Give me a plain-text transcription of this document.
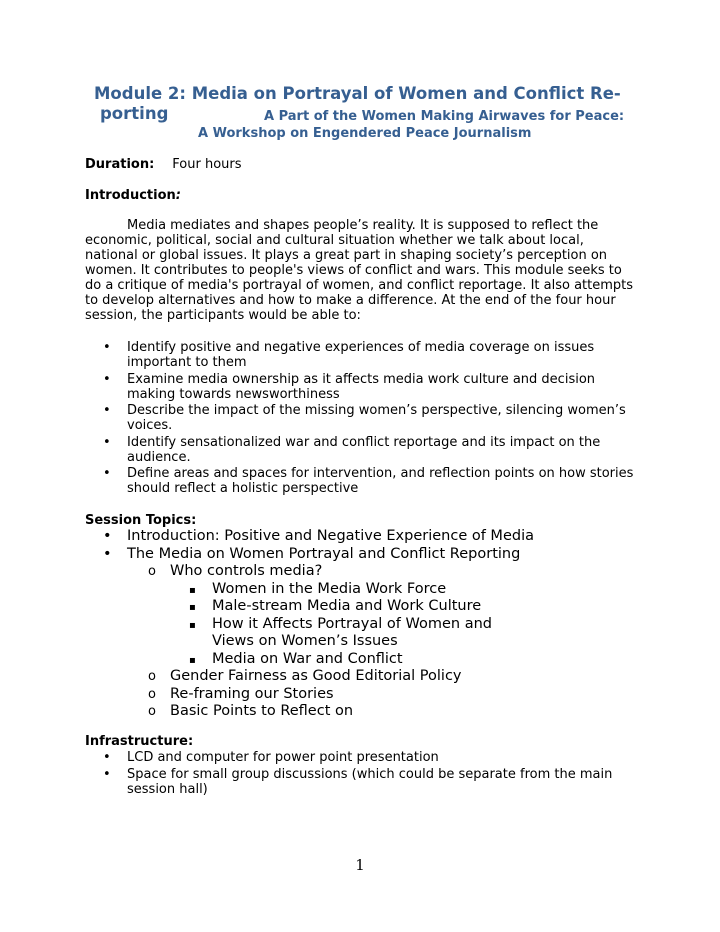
Module 2: Media on Portrayal of Women and Conflict Re-
porting	A Part of the Women Making Airwaves for Peace:
A Workshop on Engendered Peace Journalism
Duration: Four hours
Introduction:
Media mediates and shapes people’s reality. It is supposed to reflect the economic, political, social and cultural situation whether we talk about local, national or global issues. It plays a great part in shaping society’s perception on women. It contributes to people's views of conflict and wars. This module seeks to do a critique of media's portrayal of women, and conflict reportage. It also attempts to develop alternatives and how to make a difference. At the end of the four hour session, the participants would be able to:
• Identify positive and negative experiences of media coverage on issues important to them
• Examine media ownership as it affects media work culture and decision making towards newsworthiness
• Describe the impact of the missing women’s perspective, silencing women’s voices.
• Identify sensationalized war and conflict reportage and its impact on the audience.
• Define areas and spaces for intervention, and reflection points on how stories should reflect a holistic perspective
Session Topics:
• Introduction: Positive and Negative Experience of Media
• The Media on Women Portrayal and Conflict Reporting
o Who controls media?
▪ Women in the Media Work Force
▪ Male-stream Media and Work Culture
▪ How it Affects Portrayal of Women and Views on Women’s Issues
▪ Media on War and Conflict
o Gender Fairness as Good Editorial Policy
o Re-framing our Stories
o Basic Points to Reflect on
Infrastructure:
• LCD and computer for power point presentation
• Space for small group discussions (which could be separate from the main session hall)
1
